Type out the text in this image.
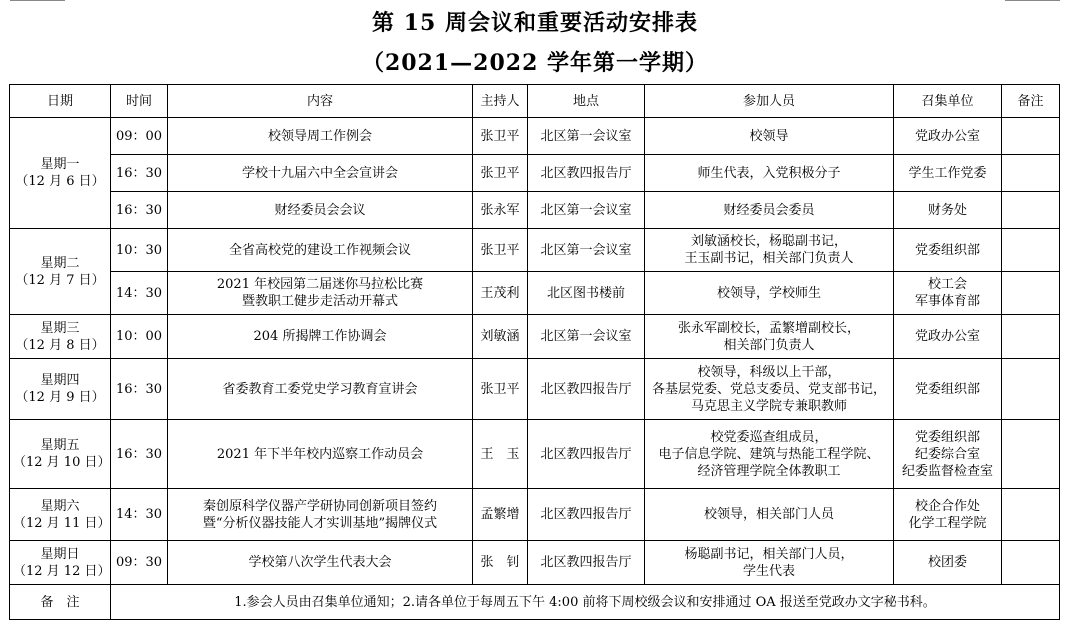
第 15 周会议和重要活动安排表
（2021—2022 学年第一学期）
日期	时间	内容	主持人	地点	参加人员	召集单位	备注

星期一
（12 月 6 日）	09：00	校领导周工作例会	张卫平	北区第一会议室	校领导	党政办公室	

	16：30	学校十九届六中全会宣讲会	张卫平	北区教四报告厅	师生代表，入党积极分子	学生工作党委	

	16：30	财经委员会会议	张永军	北区第一会议室	财经委员会委员	财务处	

星期二
（12 月 7 日）	10：30	全省高校党的建设工作视频会议	张卫平	北区第一会议室	刘敏涵校长，杨聪副书记，
王玉副书记，相关部门负责人	党委组织部	

	14：30	2021 年校园第二届迷你马拉松比赛
暨教职工健步走活动开幕式	王茂利	北区图书楼前	校领导，学校师生	校工会
军事体育部	

星期三
（12 月 8 日）	10：00	204 所揭牌工作协调会	刘敏涵	北区第一会议室	张永军副校长，孟繁增副校长，
相关部门负责人	党政办公室	

星期四
（12 月 9 日）	16：30	省委教育工委党史学习教育宣讲会	张卫平	北区教四报告厅	校领导，科级以上干部，
各基层党委、党总支委员、党支部书记，
马克思主义学院专兼职教师	党委组织部	

星期五
（12 月 10 日）	16：30	2021 年下半年校内巡察工作动员会	王　玉	北区教四报告厅	校党委巡查组成员，
电子信息学院、建筑与热能工程学院、
经济管理学院全体教职工	党委组织部
纪委综合室
纪委监督检查室	

星期六
（12 月 11 日）	14：30	秦创原科学仪器产学研协同创新项目签约
暨“分析仪器技能人才实训基地”揭牌仪式	孟繁增	北区教四报告厅	校领导，相关部门人员	校企合作处
化学工程学院	

星期日
（12 月 12 日）	09：30	学校第八次学生代表大会	张　钊	北区教四报告厅	杨聪副书记，相关部门人员，
学生代表	校团委	

备　注	1.参会人员由召集单位通知；2.请各单位于每周五下午 4:00 前将下周校级会议和安排通过 OA 报送至党政办文字秘书科。						
